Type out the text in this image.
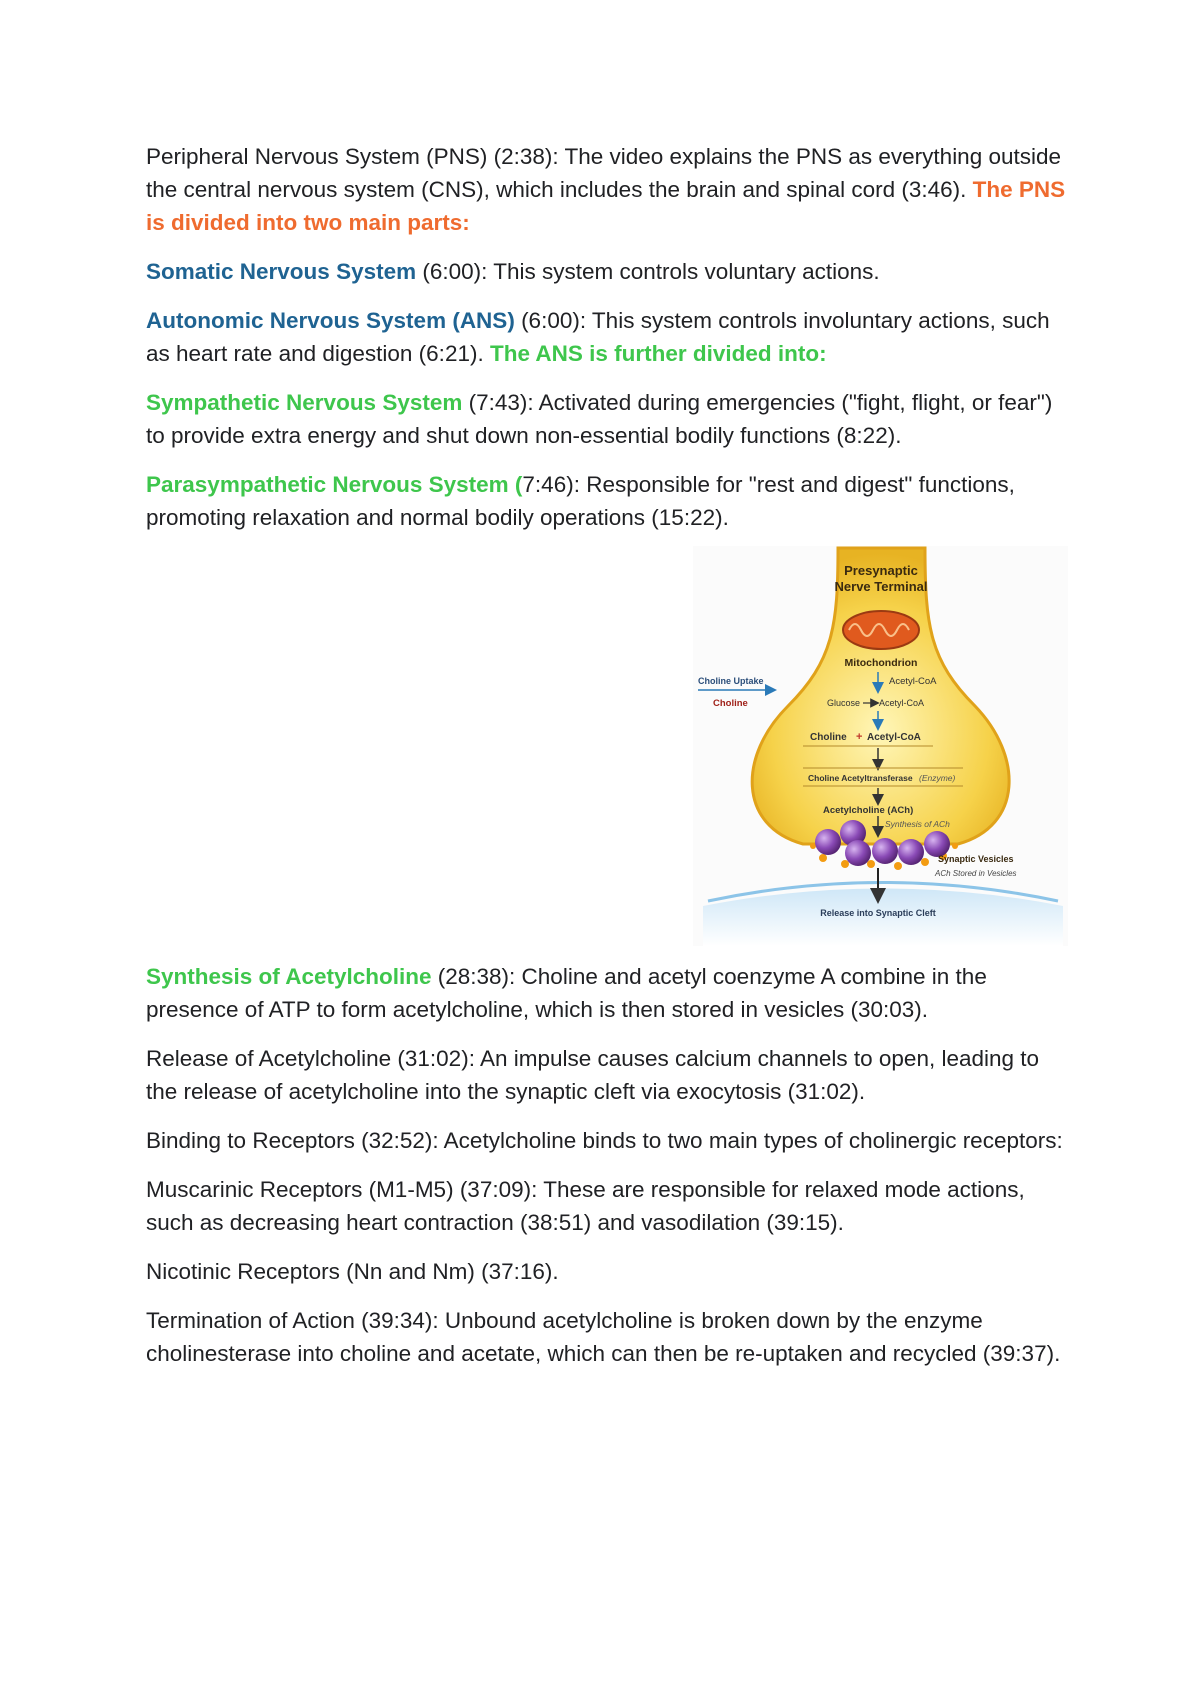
Peripheral Nervous System (PNS) (2:38): The video explains the PNS as everything outside the central nervous system (CNS), which includes the brain and spinal cord (3:46). The PNS is divided into two main parts:

Somatic Nervous System (6:00): This system controls voluntary actions.

Autonomic Nervous System (ANS) (6:00): This system controls involuntary actions, such as heart rate and digestion (6:21). The ANS is further divided into:

Sympathetic Nervous System (7:43): Activated during emergencies ("fight, flight, or fear") to provide extra energy and shut down non-essential bodily functions (8:22).

Parasympathetic Nervous System (7:46): Responsible for "rest and digest" functions, promoting relaxation and normal bodily operations (15:22).

Presynaptic
Nerve Terminal
Mitochondrion
Acetyl-CoA
Choline Uptake
Choline	Glucose Acetyl-CoA
Choline + Acetyl-CoA
Choline Acetyltransferase (Enzyme)
Acetylcholine (ACh)
Synthesis of ACh
Synaptic Vesicles
ACh Stored in Vesicles
Release into Synaptic Cleft

Synthesis of Acetylcholine (28:38): Choline and acetyl coenzyme A combine in the presence of ATP to form acetylcholine, which is then stored in vesicles (30:03).

Release of Acetylcholine (31:02): An impulse causes calcium channels to open, leading to the release of acetylcholine into the synaptic cleft via exocytosis (31:02).

Binding to Receptors (32:52): Acetylcholine binds to two main types of cholinergic receptors:

Muscarinic Receptors (M1-M5) (37:09): These are responsible for relaxed mode actions, such as decreasing heart contraction (38:51) and vasodilation (39:15).

Nicotinic Receptors (Nn and Nm) (37:16).

Termination of Action (39:34): Unbound acetylcholine is broken down by the enzyme cholinesterase into choline and acetate, which can then be re-uptaken and recycled (39:37).
